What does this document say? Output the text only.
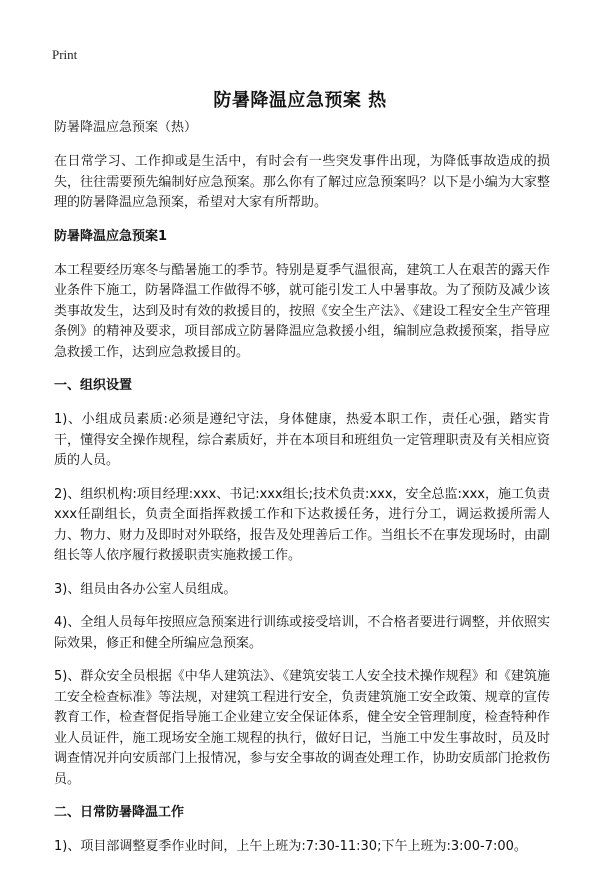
Print
防暑降温应急预案 热
防暑降温应急预案（热）

在日常学习、工作抑或是生活中，有时会有一些突发事件出现，为降低事故造成的损失，往往需要预先编制好应急预案。那么你有了解过应急预案吗？以下是小编为大家整理的防暑降温应急预案，希望对大家有所帮助。

防暑降温应急预案1

本工程要经历寒冬与酷暑施工的季节。特别是夏季气温很高，建筑工人在艰苦的露天作业条件下施工，防暑降温工作做得不够，就可能引发工人中暑事故。为了预防及减少该类事故发生，达到及时有效的救援目的，按照《安全生产法》、《建设工程安全生产管理条例》的精神及要求，项目部成立防暑降温应急救援小组，编制应急救援预案，指导应急救援工作，达到应急救援目的。

一、组织设置

1)、小组成员素质:必须是遵纪守法，身体健康，热爱本职工作，责任心强，踏实肯干，懂得安全操作规程，综合素质好，并在本项目和班组负一定管理职责及有关相应资质的人员。

2)、组织机构:项目经理:xxx、书记:xxx组长;技术负责:xxx，安全总监:xxx，施工负责xxx任副组长，负责全面指挥救援工作和下达救援任务，进行分工，调运救援所需人力、物力、财力及即时对外联络，报告及处理善后工作。当组长不在事发现场时，由副组长等人依序履行救援职责实施救援工作。

3)、组员由各办公室人员组成。

4)、全组人员每年按照应急预案进行训练或接受培训，不合格者要进行调整，并依照实际效果，修正和健全所编应急预案。

5)、群众安全员根据《中华人建筑法》、《建筑安装工人安全技术操作规程》和《建筑施工安全检查标准》等法规，对建筑工程进行安全，负责建筑施工安全政策、规章的宣传教育工作，检查督促指导施工企业建立安全保证体系，健全安全管理制度，检查特种作业人员证件，施工现场安全施工规程的执行，做好日记，当施工中发生事故时，员及时调查情况并向安质部门上报情况，参与安全事故的调查处理工作，协助安质部门抢救伤员。

二、日常防暑降温工作

1)、项目部调整夏季作业时间，上午上班为:7:30-11:30;下午上班为:3:00-7:00。
